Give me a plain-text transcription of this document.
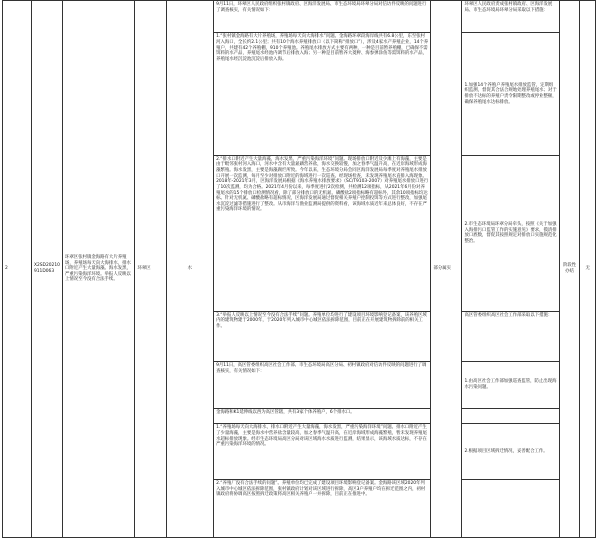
2	X2SD20210911D063	环翠区张村镇金海路有大片养殖场，养殖场每天向大海排水，排水口附近产生大量海藻。海水发黑，严重污染海洋环境。举报人反映以上情况至今没有合法手续。	环翠区	水	9月11日，环翠区人民政府组织张村镇政府、区海洋发展局、市生态环境局环翠分局对信访件反映的问题进行了调查核实，有关情况如下：	部分属实	环翠区人民政府责成张村镇政府、区海洋发展局、市生态环境局环翠分局采取以下措施：	阶段性办结	无

					1.“张村镇金海路有大片养殖场，养殖场每天向大海排水”问题。金海路环翠段海岸线共有6.8公里，东至张村河入海口，全长约2.1公里；共有10个海水养殖排放口（以下简称“排放口”），涉及4家水产养殖企业，14个养殖户，共建有42个养殖棚，910个养殖池。养殖尾水排放方式主要有两种，一种是目前暂养殖棚，已确保不需饵料的水产品，养殖尾水经池内调节后排放入海；另一种是目前暂养大菱鲆、海参弹涂鱼等需饵料的水产品，养殖尾水经沉淀池沉淀后排放入海。		1.加强14个养殖户养殖尾水排放监管，定期组织监测，督促其合法合规地处理养殖尾水；对于排放不达标的养殖户责令限期整改或停业整顿，确保养殖尾水达标排放。		

					2.“排水口附近产生大量海藻，海水发黑，严重污染海洋环境”问题。现场排放口附近及少滩上有海藻，主要是由于毗邻张村河入海口，河水中含有大量氮磷营养盐，海水交换较慢，加之春季气温升高，在近岸海域形成海藻繁殖。海水发黑，主要是海藻腐烂所致。今年以来，生态环境分局会同区海洋发展局每季度对养殖尾水排放口开展一次监测，每月至少对排放口附近的海域进行一次巡查。经现场检查，未发现养殖尾水直排入海现象。2018年-2021年3月，区海洋发展局根据《海水养殖水排放要求》（SC/T9103-2007）对养殖尾水排放口进行了10次监测，均为合格。2021年4月份以来，每季度进行2次检测，共检测12项指标，从2021年6月份对养殖尾水的15个排放口检测情况看，除了部分排放口的无机氮、磷酸盐2项指标略有超标外，其余10项指标均达标。针对无机氮、磷酸盐略有超标情况，区海洋发展局通过督促相关养殖户控制投饵等方式进行整改，加强尾水沉淀过滤等措施进行了整改。从市海洋与渔业监测局提供的资料看，该海域水质近年来总体良好，不存在严重污染海洋环境的情况。		2.市生态环境局环翠分局牵头，按照《关于加强入海排污口监管工作的实施意见》要求，摸清排放口底数，督促其按照规定对排放口实施规范化整治。		

					3.“举报人反映以上情况至今没有合法手续”问题。养殖单位均进行了建设项目环境影响登记备案，该养殖区域内的建筑物建于2000年，于2020年列入城市中心城区依法拆除范围，目前正在开展建筑物拆除前的相关工作。		高区管委组织高区社会工作部采取以下措施：		

					9月11日，高区管委组织高区社会工作部、市生态环境局高区分局、初村镇政府对信访件反映的问题进行了调查核实，有关情况如下：		1.由高区社会工作部加强巡查监管，防止出现海水污染问题。		

					金海路和K1延伸线以西为高区管辖，共有3家个体养殖户，6个排水口。				

					1.“养殖场每天向大海排水，排水口附近产生大量海藻，海水发黑，严重污染海洋环境”问题。排水口附近产生了少量海藻，主要是海水中营养盐含量较高，加之春季气温升高，在近岸海域形成海藻繁殖，暂未发现养殖尾水超标排放现象。经市生态环境局高区分局对该区域海水水质进行监测，结果显示，该海域水质达标，不存在严重污染海洋环境的情况。		2.根据项目区域拆迁情况，妥善配合工作。		

					2.“养殖厂没有合法手续的问题”。养殖单位均已完成了建设项目环境影响登记备案。金海路该区域2020年列入城市中心城区依法拆除范围，张村镇政府计划对该区域进行拆除，高区3户养殖户均在拆迁范围之内，初村镇政府将协调高区按照拆迁政策将高区相关养殖户一并拆除，目前正在推进中。				
